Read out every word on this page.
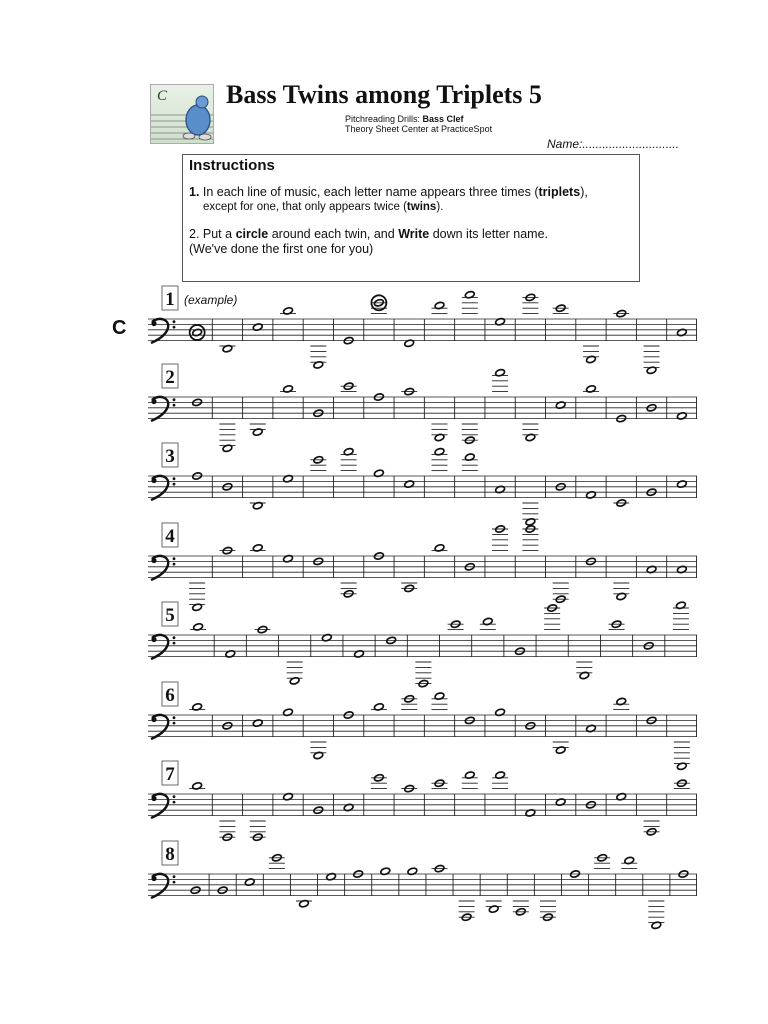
C Bass Twins among Triplets 5
Pitchreading Drills: Bass Clef
Theory Sheet Center at PracticeSpot
Name:.............................
Instructions

1. In each line of music, each letter name appears three times (triplets),

except for one, that only appears twice (twins).

2. Put a circle around each twin, and Write down its letter name.

(We've done the first one for you)

(example)
C
1
2
3
4
5
6
7
8
